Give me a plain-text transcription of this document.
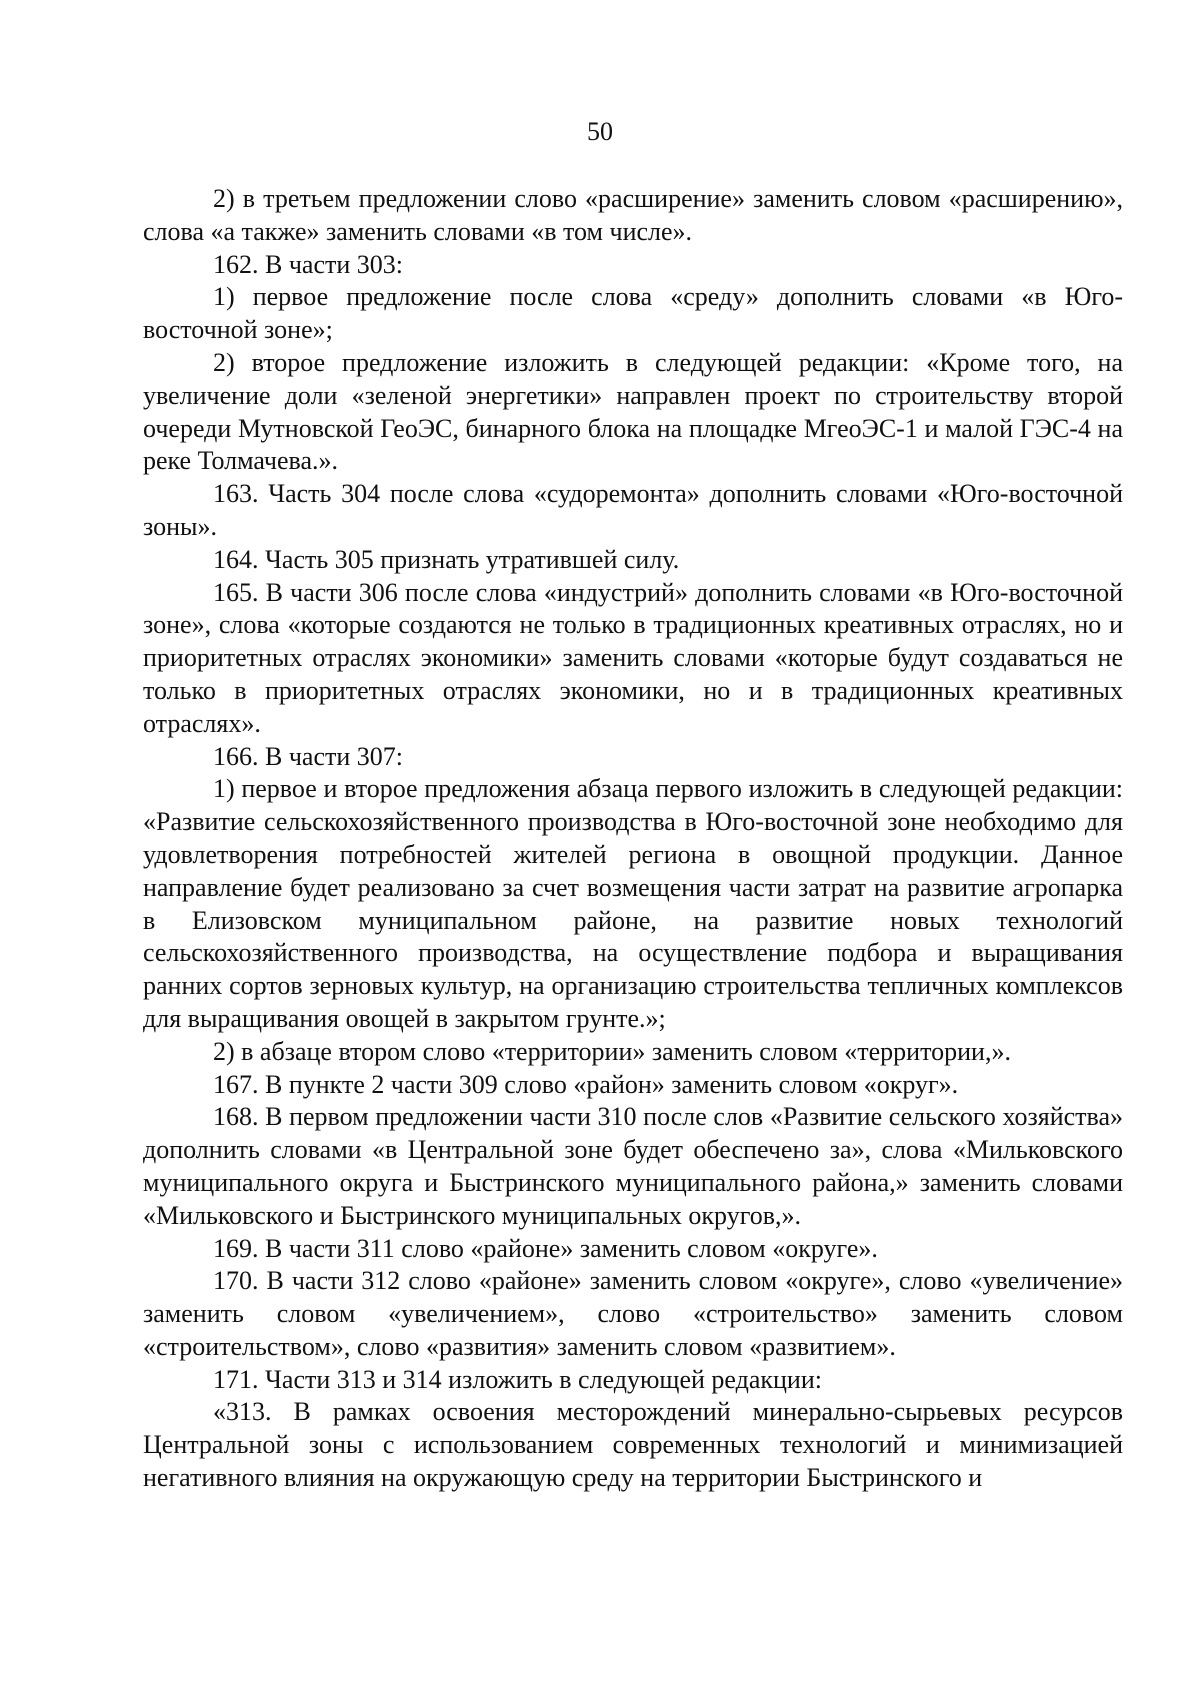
50

2) в третьем предложении слово «расширение» заменить словом «расширению», слова «а также» заменить словами «в том числе».

162. В части 303:

1) первое предложение после слова «среду» дополнить словами «в Юго-восточной зоне»;

2) второе предложение изложить в следующей редакции: «Кроме того, на увеличение доли «зеленой энергетики» направлен проект по строительству второй очереди Мутновской ГеоЭС, бинарного блока на площадке МгеоЭС-1 и малой ГЭС-4 на реке Толмачева.».

163. Часть 304 после слова «судоремонта» дополнить словами «Юго-восточной зоны».

164. Часть 305 признать утратившей силу.

165. В части 306 после слова «индустрий» дополнить словами «в Юго-восточной зоне», слова «которые создаются не только в традиционных креативных отраслях, но и приоритетных отраслях экономики» заменить словами «которые будут создаваться не только в приоритетных отраслях экономики, но и в традиционных креативных отраслях».

166. В части 307:

1) первое и второе предложения абзаца первого изложить в следующей редакции: «Развитие сельскохозяйственного производства в Юго-восточной зоне необходимо для удовлетворения потребностей жителей региона в овощной продукции. Данное направление будет реализовано за счет возмещения части затрат на развитие агропарка в Елизовском муниципальном районе, на развитие новых технологий сельскохозяйственного производства, на осуществление подбора и выращивания ранних сортов зерновых культур, на организацию строительства тепличных комплексов для выращивания овощей в закрытом грунте.»;

2) в абзаце втором слово «территории» заменить словом «территории,».

167. В пункте 2 части 309 слово «район» заменить словом «округ».

168. В первом предложении части 310 после слов «Развитие сельского хозяйства» дополнить словами «в Центральной зоне будет обеспечено за», слова «Мильковского муниципального округа и Быстринского муниципального района,» заменить словами «Мильковского и Быстринского муниципальных округов,».

169. В части 311 слово «районе» заменить словом «округе».

170. В части 312 слово «районе» заменить словом «округе», слово «увеличение» заменить словом «увеличением», слово «строительство» заменить словом «строительством», слово «развития» заменить словом «развитием».

171. Части 313 и 314 изложить в следующей редакции:

«313. В рамках освоения месторождений минерально-сырьевых ресурсов Центральной зоны с использованием современных технологий и минимизацией негативного влияния на окружающую среду на территории Быстринского и
